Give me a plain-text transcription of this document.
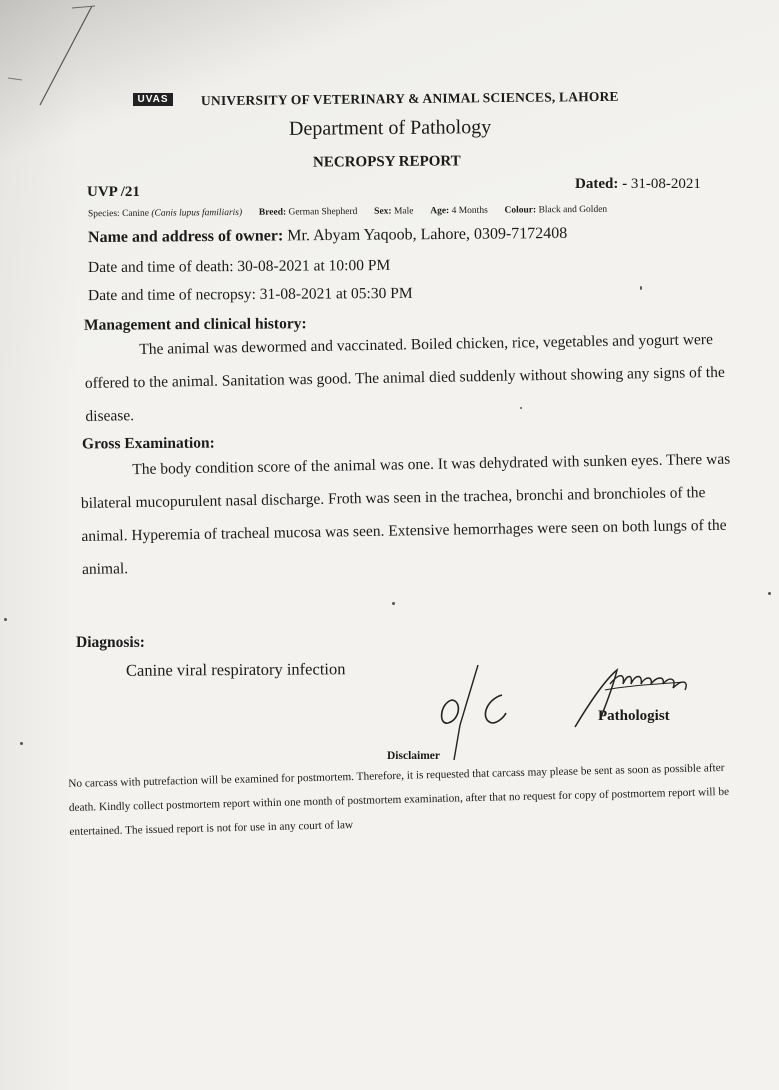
UVAS	UNIVERSITY OF VETERINARY & ANIMAL SCIENCES, LAHORE
Department of Pathology
NECROPSY REPORT
UVP /21	Dated: - 31-08-2021
Species: Canine (Canis lupus familiaris) Breed: German Shepherd Sex: Male Age: 4 Months Colour: Black and Golden
Name and address of owner: Mr. Abyam Yaqoob, Lahore, 0309-7172408
Date and time of death: 30-08-2021 at 10:00 PM
Date and time of necropsy: 31-08-2021 at 05:30 PM
Management and clinical history:
The animal was dewormed and vaccinated. Boiled chicken, rice, vegetables and yogurt were offered to the animal. Sanitation was good. The animal died suddenly without showing any signs of the disease.
Gross Examination:
The body condition score of the animal was one. It was dehydrated with sunken eyes. There was bilateral mucopurulent nasal discharge. Froth was seen in the trachea, bronchi and bronchioles of the animal. Hyperemia of tracheal mucosa was seen. Extensive hemorrhages were seen on both lungs of the animal.
Diagnosis:
Canine viral respiratory infection
Pathologist
Disclaimer
No carcass with putrefaction will be examined for postmortem. Therefore, it is requested that carcass may please be sent as soon as possible after death. Kindly collect postmortem report within one month of postmortem examination, after that no request for copy of postmortem report will be entertained. The issued report is not for use in any court of law
